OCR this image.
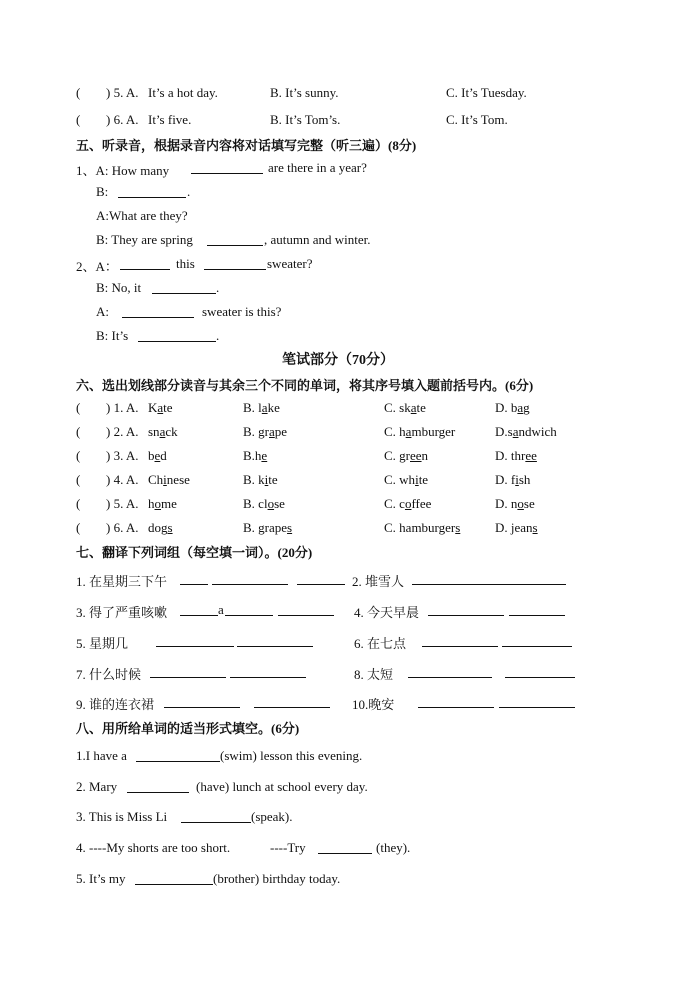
( ) 5. A. It’s a hot day.	B. It’s sunny.	C. It’s Tuesday.
( ) 6. A. It’s five.	B. It’s Tom’s.	C. It’s Tom.
五、听录音，根据录音内容将对话填写完整（听三遍）(8分)
1、A: How many	are there in a year?
B:	.
A:What are they?
B: They are spring	, autumn and winter.
2、A：	this	sweater?
B: No, it	.
A:	sweater is this?
B: It’s	.
笔试部分（70分）
六、选出划线部分读音与其余三个不同的单词，将其序号填入题前括号内。(6分)
( ) 1. A. Kate	B. lake	C. skate	D. bag
( ) 2. A. snack	B. grape	C. hamburger	D.sandwich
( ) 3. A. bed	B.he	C. green	D. three
( ) 4. A. Chinese	B. kite	C. white	D. fish
( ) 5. A. home	B. close	C. coffee	D. nose
( ) 6. A. dogs	B. grapes	C. hamburgers	D. jeans
七、翻译下列词组（每空填一词）。(20分)
1. 在星期三下午	2. 堆雪人
3. 得了严重咳嗽	a	4. 今天早晨
5. 星期几	6. 在七点
7. 什么时候	8. 太短
9. 谁的连衣裙	10.晚安
八、用所给单词的适当形式填空。(6分)
1.I have a	(swim) lesson this evening.
2. Mary	(have) lunch at school every day.
3. This is Miss Li	(speak).
4. ----My shorts are too short.	----Try	(they).
5. It’s my	(brother) birthday today.
